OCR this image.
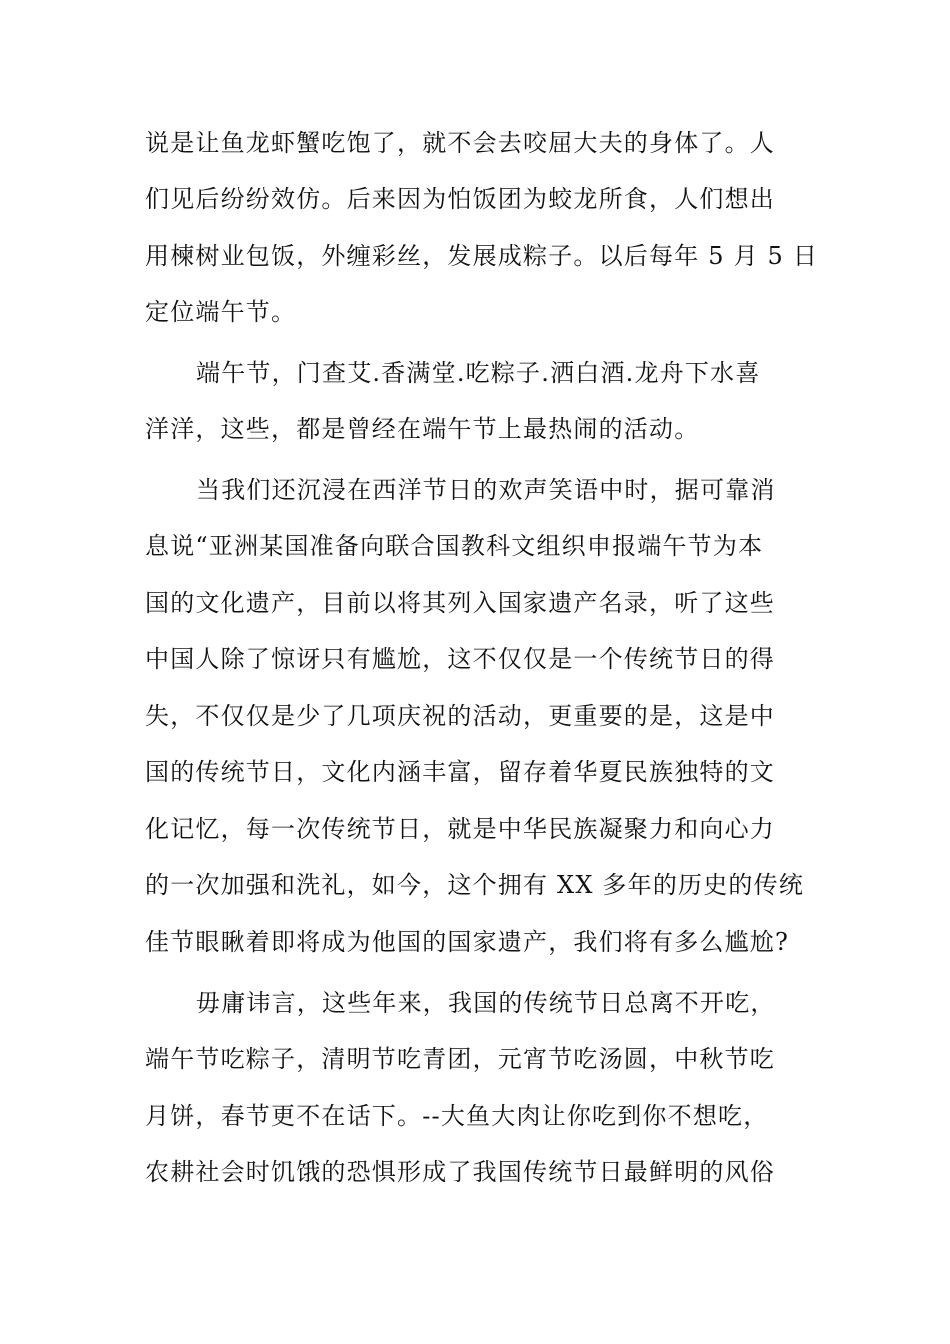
说是让鱼龙虾蟹吃饱了，就不会去咬屈大夫的身体了。人
们见后纷纷效仿。后来因为怕饭团为蛟龙所食，人们想出
用楝树业包饭，外缠彩丝，发展成粽子。以后每年 5 月 5 日
定位端午节。
端午节，门查艾.香满堂.吃粽子.洒白酒.龙舟下水喜
洋洋，这些，都是曾经在端午节上最热闹的活动。
当我们还沉浸在西洋节日的欢声笑语中时，据可靠消
息说“亚洲某国准备向联合国教科文组织申报端午节为本
国的文化遗产，目前以将其列入国家遗产名录，听了这些
中国人除了惊讶只有尴尬，这不仅仅是一个传统节日的得
失，不仅仅是少了几项庆祝的活动，更重要的是，这是中
国的传统节日，文化内涵丰富，留存着华夏民族独特的文
化记忆，每一次传统节日，就是中华民族凝聚力和向心力
的一次加强和洗礼，如今，这个拥有 XX 多年的历史的传统
佳节眼瞅着即将成为他国的国家遗产，我们将有多么尴尬?
毋庸讳言，这些年来，我国的传统节日总离不开吃，
端午节吃粽子，清明节吃青团，元宵节吃汤圆，中秋节吃
月饼，春节更不在话下。--大鱼大肉让你吃到你不想吃，
农耕社会时饥饿的恐惧形成了我国传统节日最鲜明的风俗
